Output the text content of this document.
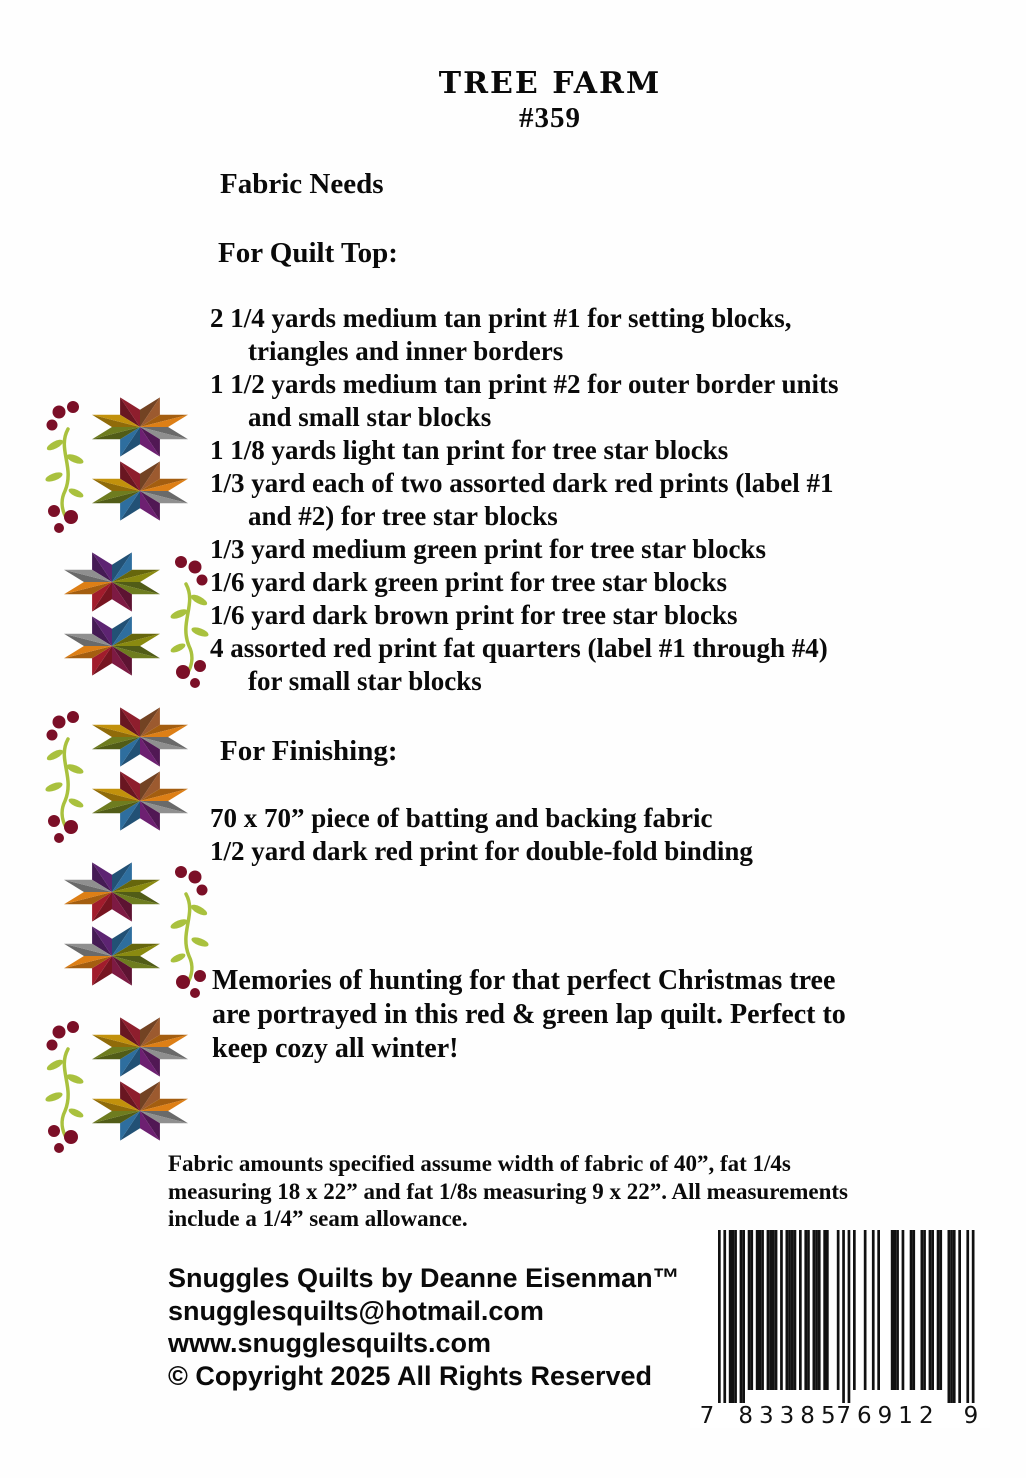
TREE FARM
#359
Fabric Needs
For Quilt Top:
2 1/4 yards medium tan print #1 for setting blocks,
triangles and inner borders
1 1/2 yards medium tan print #2 for outer border units
and small star blocks
1 1/8 yards light tan print for tree star blocks
1/3 yard each of two assorted dark red prints (label #1
and #2) for tree star blocks
1/3 yard medium green print for tree star blocks
1/6 yard dark green print for tree star blocks
1/6 yard dark brown print for tree star blocks
4 assorted red print fat quarters (label #1 through #4)
for small star blocks
For Finishing:
70 x 70” piece of batting and backing fabric
1/2 yard dark red print for double-fold binding
Memories of hunting for that perfect Christmas tree
are portrayed in this red & green lap quilt. Perfect to
keep cozy all winter!
Fabric amounts specified assume width of fabric of 40”, fat 1/4s
measuring 18 x 22” and fat 1/8s measuring 9 x 22”. All measurements
include a 1/4” seam allowance.
Snuggles Quilts by Deanne Eisenman™
snugglesquilts@hotmail.com
www.snugglesquilts.com
© Copyright 2025 All Rights Reserved
7 83385
76912 9
